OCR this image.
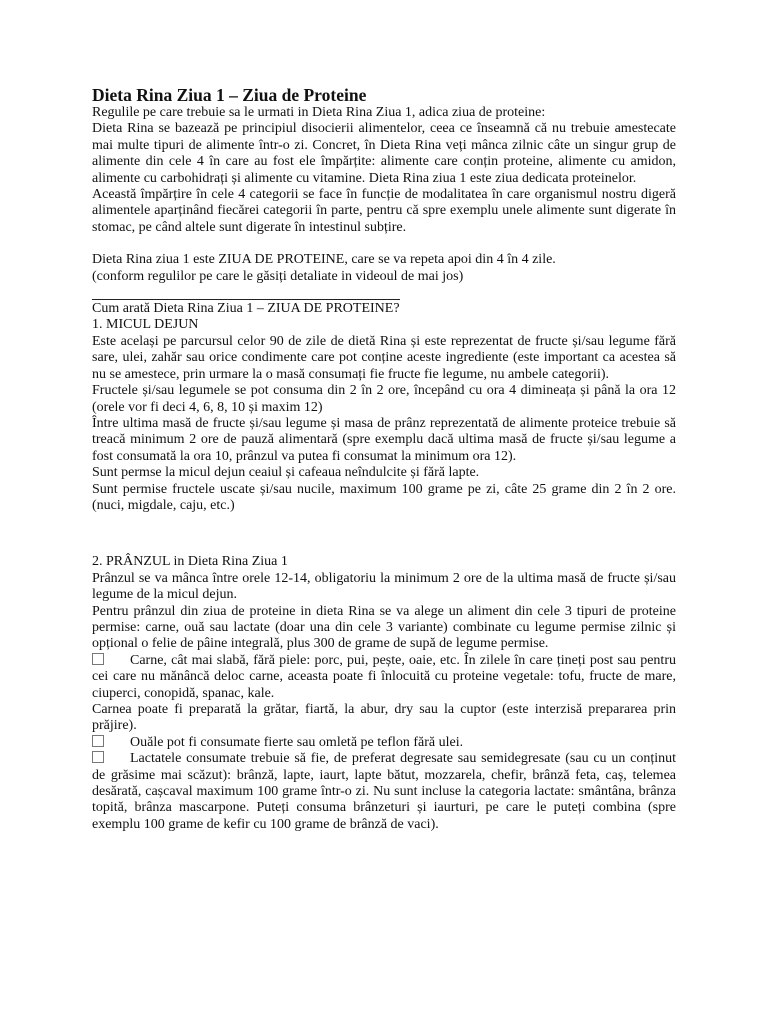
Dieta Rina Ziua 1 – Ziua de Proteine

Regulile pe care trebuie sa le urmati in Dieta Rina Ziua 1, adica ziua de proteine:

Dieta Rina se bazează pe principiul disocierii alimentelor, ceea ce înseamnă că nu trebuie amestecate mai multe tipuri de alimente într-o zi. Concret, în Dieta Rina veți mânca zilnic câte un singur grup de alimente din cele 4 în care au fost ele împărțite: alimente care conțin proteine, alimente cu amidon, alimente cu carbohidrați și alimente cu vitamine. Dieta Rina ziua 1 este ziua dedicata proteinelor.

Această împărțire în cele 4 categorii se face în funcție de modalitatea în care organismul nostru digeră alimentele aparținând fiecărei categorii în parte, pentru că spre exemplu unele alimente sunt digerate în stomac, pe când altele sunt digerate în intestinul subțire.

Dieta Rina ziua 1 este ZIUA DE PROTEINE, care se va repeta apoi din 4 în 4 zile.

(conform regulilor pe care le găsiți detaliate in videoul de mai jos)

Cum arată Dieta Rina Ziua 1 – ZIUA DE PROTEINE?

1. MICUL DEJUN

Este același pe parcursul celor 90 de zile de dietă Rina și este reprezentat de fructe și/sau legume fără sare, ulei, zahăr sau orice condimente care pot conține aceste ingrediente (este important ca acestea să nu se amestece, prin urmare la o masă consumați fie fructe fie legume, nu ambele categorii).

Fructele și/sau legumele se pot consuma din 2 în 2 ore, începând cu ora 4 dimineața și până la ora 12 (orele vor fi deci 4, 6, 8, 10 și maxim 12)

Între ultima masă de fructe și/sau legume și masa de prânz reprezentată de alimente proteice trebuie să treacă minimum 2 ore de pauză alimentară (spre exemplu dacă ultima masă de fructe și/sau legume a fost consumată la ora 10, prânzul va putea fi consumat la minimum ora 12).

Sunt permse la micul dejun ceaiul și cafeaua neîndulcite și fără lapte.

Sunt permise fructele uscate și/sau nucile, maximum 100 grame pe zi, câte 25 grame din 2 în 2 ore. (nuci, migdale, caju, etc.)

2. PRÂNZUL in Dieta Rina Ziua 1

Prânzul se va mânca între orele 12-14, obligatoriu la minimum 2 ore de la ultima masă de fructe și/sau legume de la micul dejun.

Pentru prânzul din ziua de proteine in dieta Rina se va alege un aliment din cele 3 tipuri de proteine permise: carne, ouă sau lactate (doar una din cele 3 variante) combinate cu legume permise zilnic și opțional o felie de pâine integrală, plus 300 de grame de supă de legume permise.

Carne, cât mai slabă, fără piele: porc, pui, pește, oaie, etc. În zilele în care țineți post sau pentru cei care nu mănâncă deloc carne, aceasta poate fi înlocuită cu proteine vegetale: tofu, fructe de mare, ciuperci, conopidă, spanac, kale.

Carnea poate fi preparată la grătar, fiartă, la abur, dry sau la cuptor (este interzisă prepararea prin prăjire).

Ouăle pot fi consumate fierte sau omletă pe teflon fără ulei.

Lactatele consumate trebuie să fie, de preferat degresate sau semidegresate (sau cu un conținut de grăsime mai scăzut): brânză, lapte, iaurt, lapte bătut, mozzarela, chefir, brânză feta, caș, telemea desărată, cașcaval maximum 100 grame într-o zi. Nu sunt incluse la categoria lactate: smântâna, brânza topită, brânza mascarpone. Puteți consuma brânzeturi și iaurturi, pe care le puteți combina (spre exemplu 100 grame de kefir cu 100 grame de brânză de vaci).
